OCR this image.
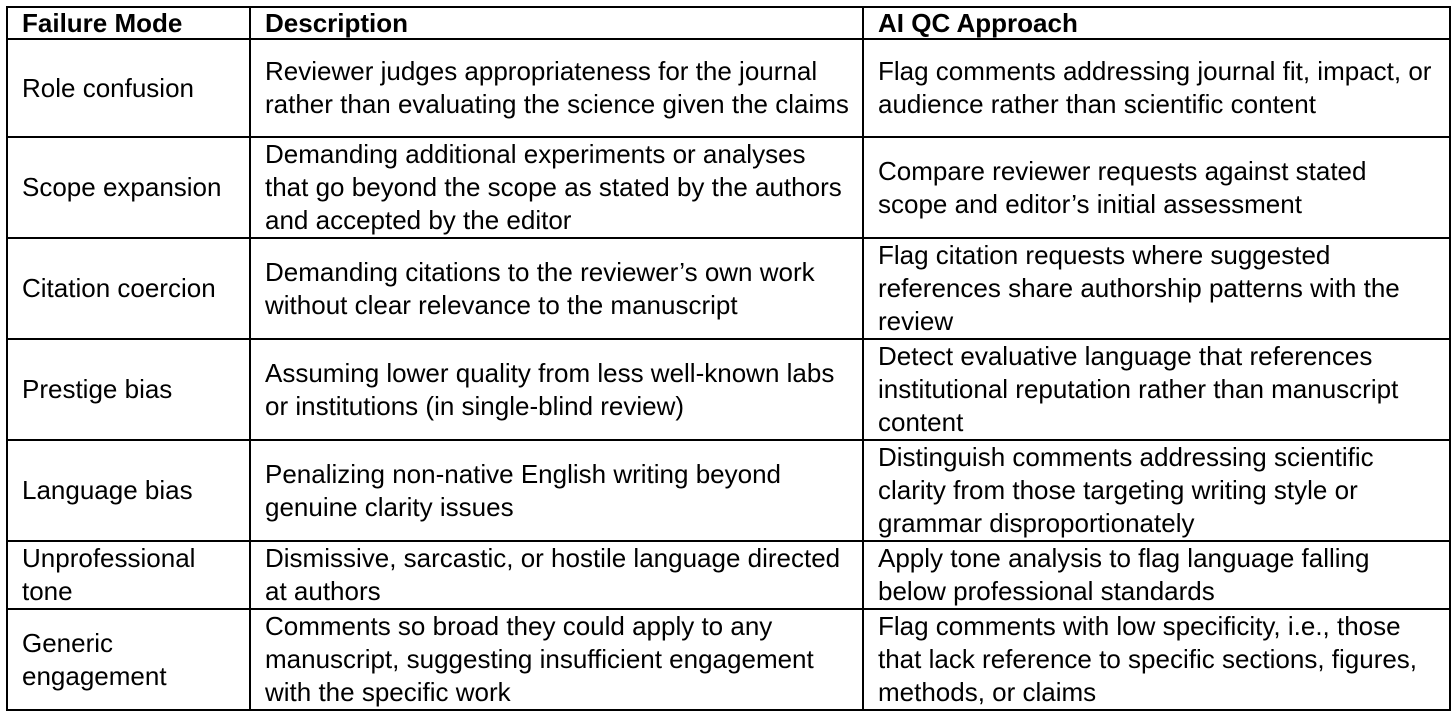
Failure Mode	Description	AI QC Approach
Role confusion	Reviewer judges appropriateness for the journal rather than evaluating the science given the claims	Flag comments addressing journal fit, impact, or audience rather than scientific content
Scope expansion	Demanding additional experiments or analyses that go beyond the scope as stated by the authors and accepted by the editor	Compare reviewer requests against stated scope and editor’s initial assessment
Citation coercion	Demanding citations to the reviewer’s own work without clear relevance to the manuscript	Flag citation requests where suggested references share authorship patterns with the review
Prestige bias	Assuming lower quality from less well-known labs or institutions (in single-blind review)	Detect evaluative language that references institutional reputation rather than manuscript content
Language bias	Penalizing non-native English writing beyond genuine clarity issues	Distinguish comments addressing scientific clarity from those targeting writing style or grammar disproportionately
Unprofessional tone	Dismissive, sarcastic, or hostile language directed at authors	Apply tone analysis to flag language falling below professional standards
Generic engagement	Comments so broad they could apply to any manuscript, suggesting insufficient engagement with the specific work	Flag comments with low specificity, i.e., those that lack reference to specific sections, figures, methods, or claims
